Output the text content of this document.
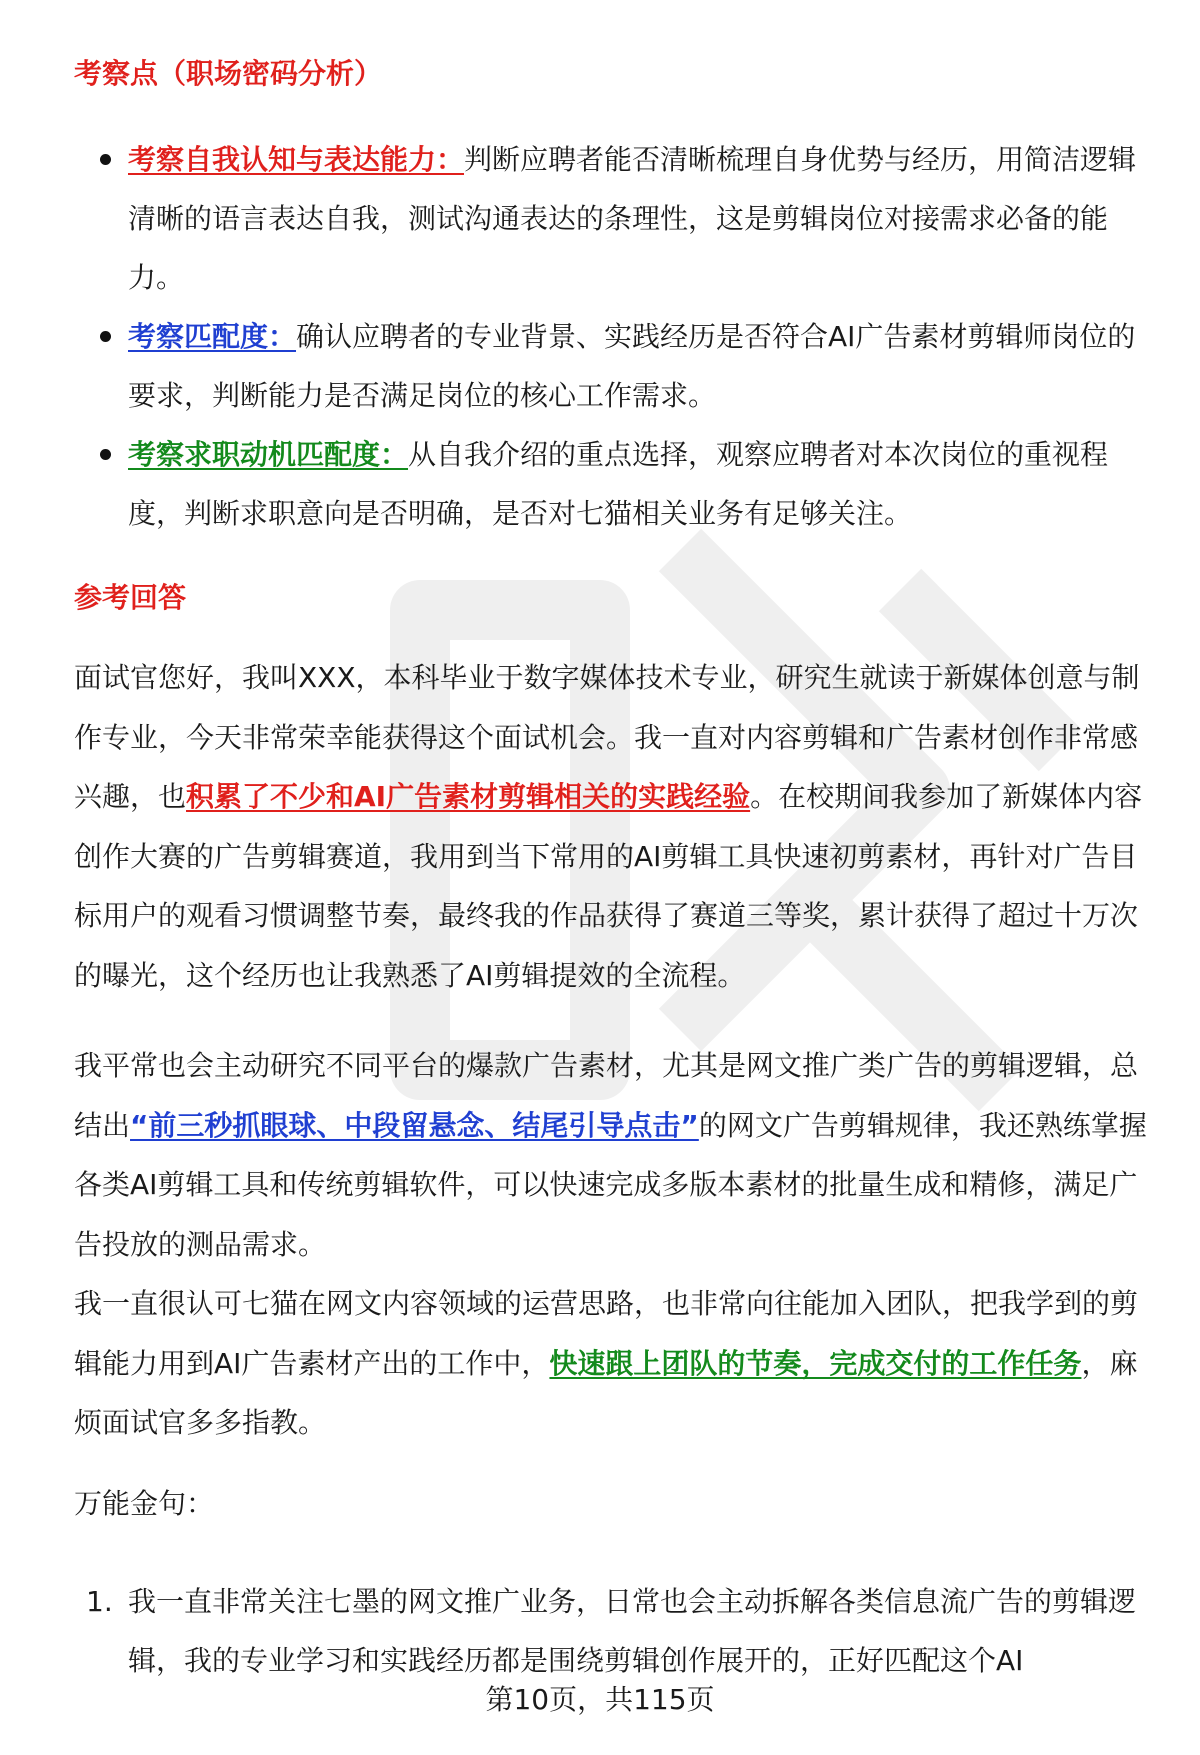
考察点（职场密码分析）
考察自我认知与表达能力：判断应聘者能否清晰梳理自身优势与经历，用简洁逻辑清晰的语言表达自我，测试沟通表达的条理性，这是剪辑岗位对接需求必备的能力。
考察匹配度：确认应聘者的专业背景、实践经历是否符合AI广告素材剪辑师岗位的要求，判断能力是否满足岗位的核心工作需求。
考察求职动机匹配度：从自我介绍的重点选择，观察应聘者对本次岗位的重视程度，判断求职意向是否明确，是否对七猫相关业务有足够关注。
参考回答

面试官您好，我叫XXX，本科毕业于数字媒体技术专业，研究生就读于新媒体创意与制作专业，今天非常荣幸能获得这个面试机会。我一直对内容剪辑和广告素材创作非常感兴趣，也积累了不少和AI广告素材剪辑相关的实践经验。在校期间我参加了新媒体内容创作大赛的广告剪辑赛道，我用到当下常用的AI剪辑工具快速初剪素材，再针对广告目标用户的观看习惯调整节奏，最终我的作品获得了赛道三等奖，累计获得了超过十万次的曝光，这个经历也让我熟悉了AI剪辑提效的全流程。

我平常也会主动研究不同平台的爆款广告素材，尤其是网文推广类广告的剪辑逻辑，总结出“前三秒抓眼球、中段留悬念、结尾引导点击”的网文广告剪辑规律，我还熟练掌握各类AI剪辑工具和传统剪辑软件，可以快速完成多版本素材的批量生成和精修，满足广告投放的测品需求。

我一直很认可七猫在网文内容领域的运营思路，也非常向往能加入团队，把我学到的剪辑能力用到AI广告素材产出的工作中，快速跟上团队的节奏，完成交付的工作任务，麻烦面试官多多指教。

万能金句：
1. 我一直非常关注七墨的网文推广业务，日常也会主动拆解各类信息流广告的剪辑逻辑，我的专业学习和实践经历都是围绕剪辑创作展开的，正好匹配这个AI
第10页，共115页
